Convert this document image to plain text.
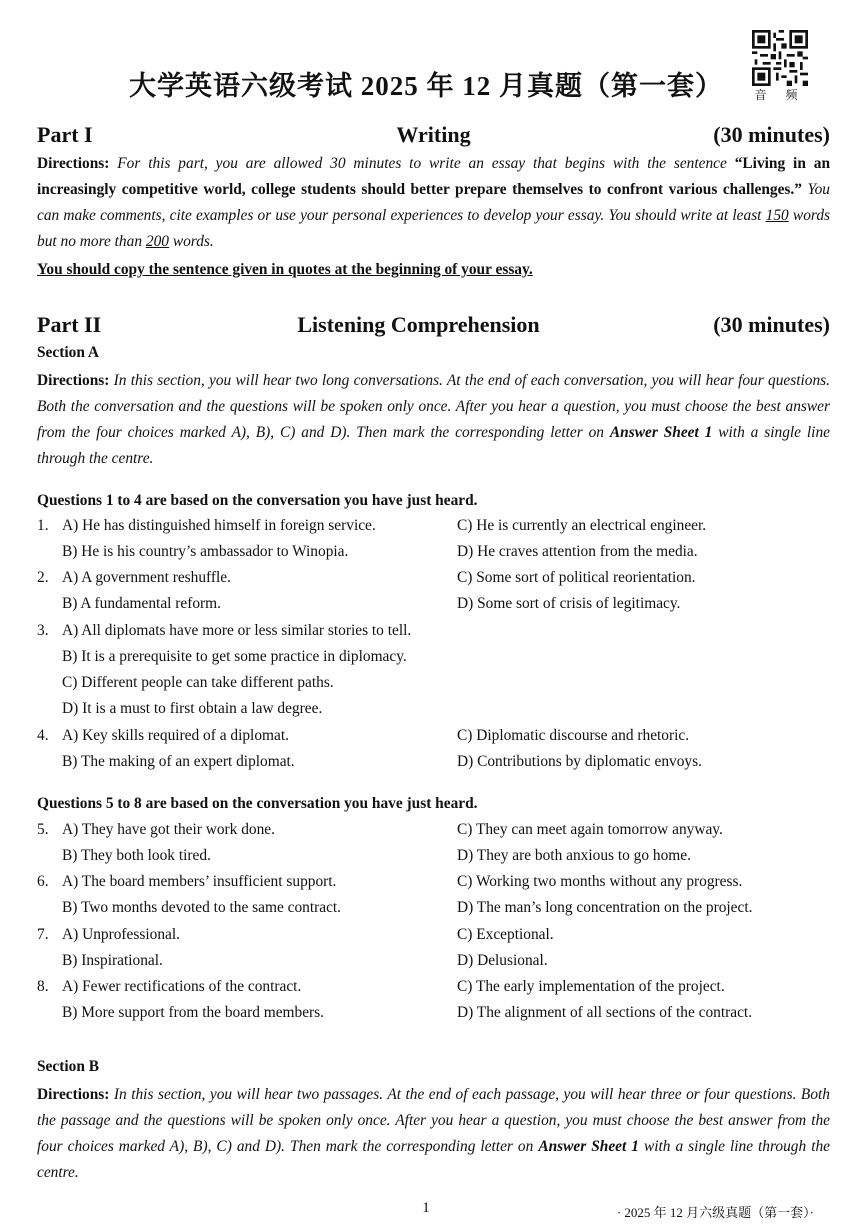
大学英语六级考试 2025 年 12 月真题（第一套）	音 频
Part I	Writing	(30 minutes)
Directions: For this part, you are allowed 30 minutes to write an essay that begins with the sentence “Living in an increasingly competitive world, college students should better prepare themselves to confront various challenges.” You can make comments, cite examples or use your personal experiences to develop your essay. You should write at least 150 words but no more than 200 words.
You should copy the sentence given in quotes at the beginning of your essay.
Part II	Listening Comprehension	(30 minutes)
Section A
Directions: In this section, you will hear two long conversations. At the end of each conversation, you will hear four questions. Both the conversation and the questions will be spoken only once. After you hear a question, you must choose the best answer from the four choices marked A), B), C) and D). Then mark the corresponding letter on Answer Sheet 1 with a single line through the centre.
Questions 1 to 4 are based on the conversation you have just heard.
1. A) He has distinguished himself in foreign service.	C) He is currently an electrical engineer.
B) He is his country’s ambassador to Winopia.	D) He craves attention from the media.
2. A) A government reshuffle.	C) Some sort of political reorientation.
B) A fundamental reform.	D) Some sort of crisis of legitimacy.
3. A) All diplomats have more or less similar stories to tell.
B) It is a prerequisite to get some practice in diplomacy.
C) Different people can take different paths.
D) It is a must to first obtain a law degree.
4. A) Key skills required of a diplomat.	C) Diplomatic discourse and rhetoric.
B) The making of an expert diplomat.	D) Contributions by diplomatic envoys.
Questions 5 to 8 are based on the conversation you have just heard.
5. A) They have got their work done.	C) They can meet again tomorrow anyway.
B) They both look tired.	D) They are both anxious to go home.
6. A) The board members’ insufficient support.	C) Working two months without any progress.
B) Two months devoted to the same contract.	D) The man’s long concentration on the project.
7. A) Unprofessional.	C) Exceptional.
B) Inspirational.	D) Delusional.
8. A) Fewer rectifications of the contract.	C) The early implementation of the project.
B) More support from the board members.	D) The alignment of all sections of the contract.
Section B
Directions: In this section, you will hear two passages. At the end of each passage, you will hear three or four questions. Both the passage and the questions will be spoken only once. After you hear a question, you must choose the best answer from the four choices marked A), B), C) and D). Then mark the corresponding letter on Answer Sheet 1 with a single line through the centre.
1	· 2025 年 12 月六级真题（第一套）·
